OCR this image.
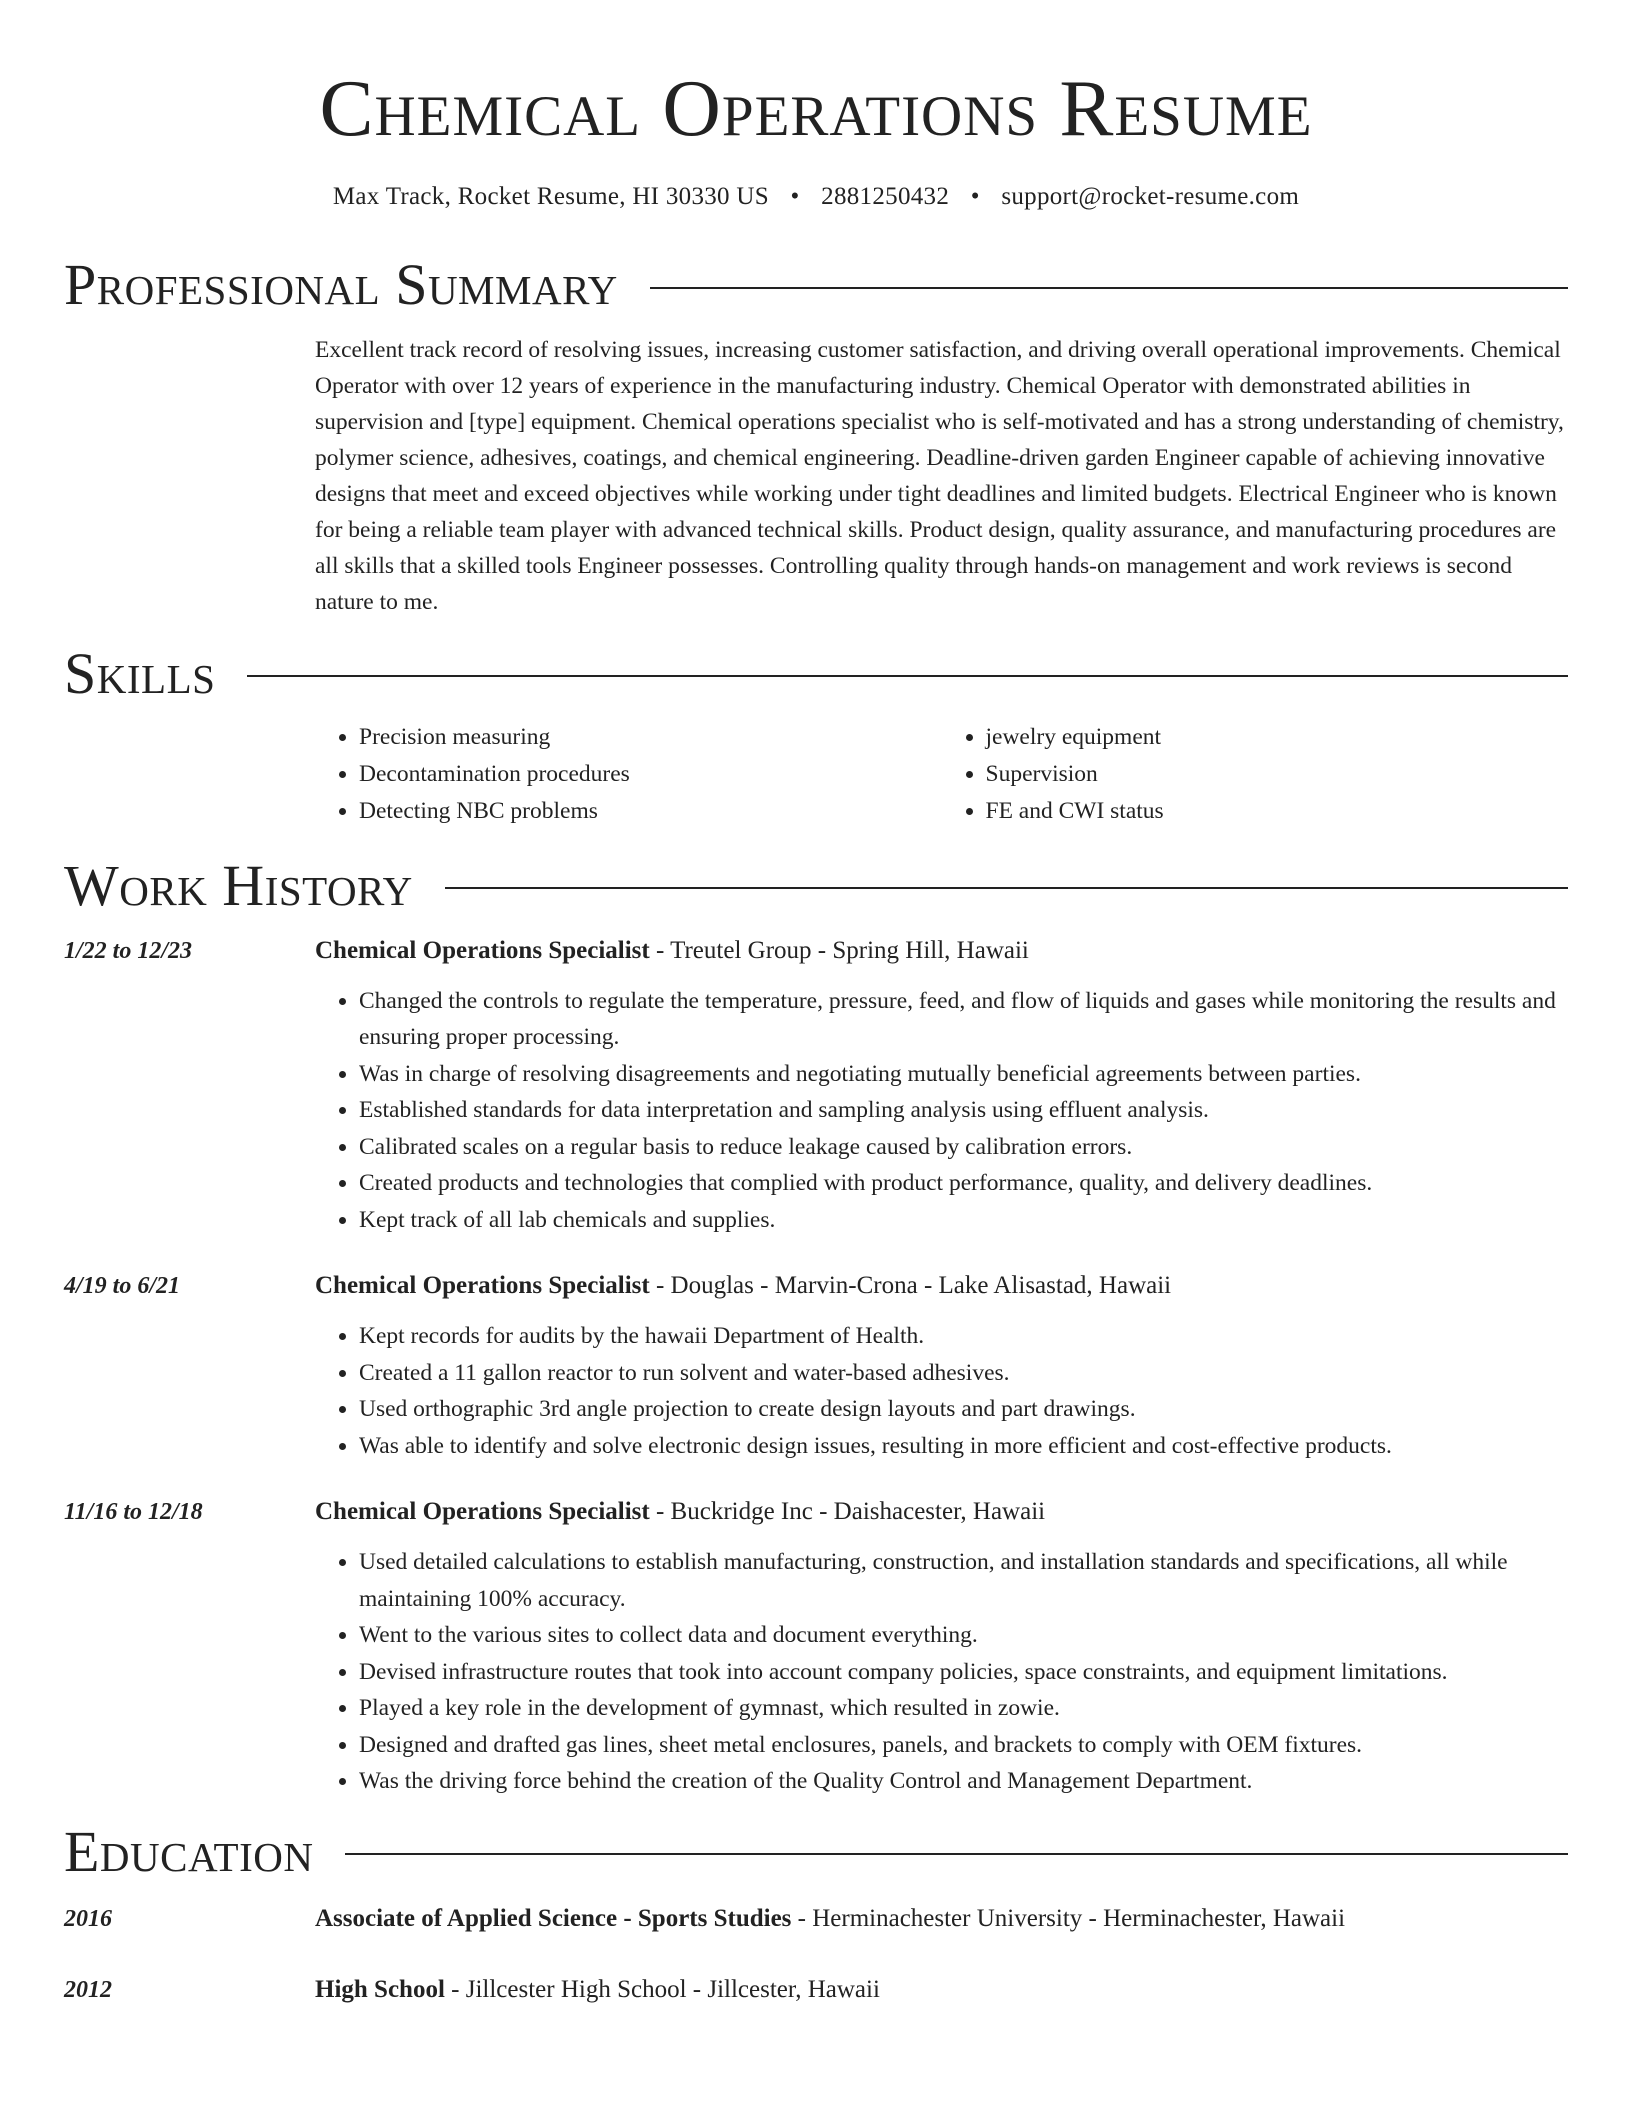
Chemical Operations Resume
Max Track, Rocket Resume, HI 30330 US • 2881250432 • support@rocket-resume.com
Professional Summary

Excellent track record of resolving issues, increasing customer satisfaction, and driving overall operational improvements. Chemical Operator with over 12 years of experience in the manufacturing industry. Chemical Operator with demonstrated abilities in supervision and [type] equipment. Chemical operations specialist who is self-motivated and has a strong understanding of chemistry, polymer science, adhesives, coatings, and chemical engineering. Deadline-driven garden Engineer capable of achieving innovative designs that meet and exceed objectives while working under tight deadlines and limited budgets. Electrical Engineer who is known for being a reliable team player with advanced technical skills. Product design, quality assurance, and manufacturing procedures are all skills that a skilled tools Engineer possesses. Controlling quality through hands-on management and work reviews is second nature to me.

Skills
• Precision measuring
• Decontamination procedures
• Detecting NBC problems
• jewelry equipment
• Supervision
• FE and CWI status
Work History
1/22 to 12/23	Chemical Operations Specialist - Treutel Group - Spring Hill, Hawaii
• Changed the controls to regulate the temperature, pressure, feed, and flow of liquids and gases while monitoring the results and ensuring proper processing.
• Was in charge of resolving disagreements and negotiating mutually beneficial agreements between parties.
• Established standards for data interpretation and sampling analysis using effluent analysis.
• Calibrated scales on a regular basis to reduce leakage caused by calibration errors.
• Created products and technologies that complied with product performance, quality, and delivery deadlines.
• Kept track of all lab chemicals and supplies.
4/19 to 6/21	Chemical Operations Specialist - Douglas - Marvin-Crona - Lake Alisastad, Hawaii
• Kept records for audits by the hawaii Department of Health.
• Created a 11 gallon reactor to run solvent and water-based adhesives.
• Used orthographic 3rd angle projection to create design layouts and part drawings.
• Was able to identify and solve electronic design issues, resulting in more efficient and cost-effective products.
11/16 to 12/18	Chemical Operations Specialist - Buckridge Inc - Daishacester, Hawaii
• Used detailed calculations to establish manufacturing, construction, and installation standards and specifications, all while maintaining 100% accuracy.
• Went to the various sites to collect data and document everything.
• Devised infrastructure routes that took into account company policies, space constraints, and equipment limitations.
• Played a key role in the development of gymnast, which resulted in zowie.
• Designed and drafted gas lines, sheet metal enclosures, panels, and brackets to comply with OEM fixtures.
• Was the driving force behind the creation of the Quality Control and Management Department.
Education
2016	Associate of Applied Science - Sports Studies - Herminachester University - Herminachester, Hawaii
2012	High School - Jillcester High School - Jillcester, Hawaii
